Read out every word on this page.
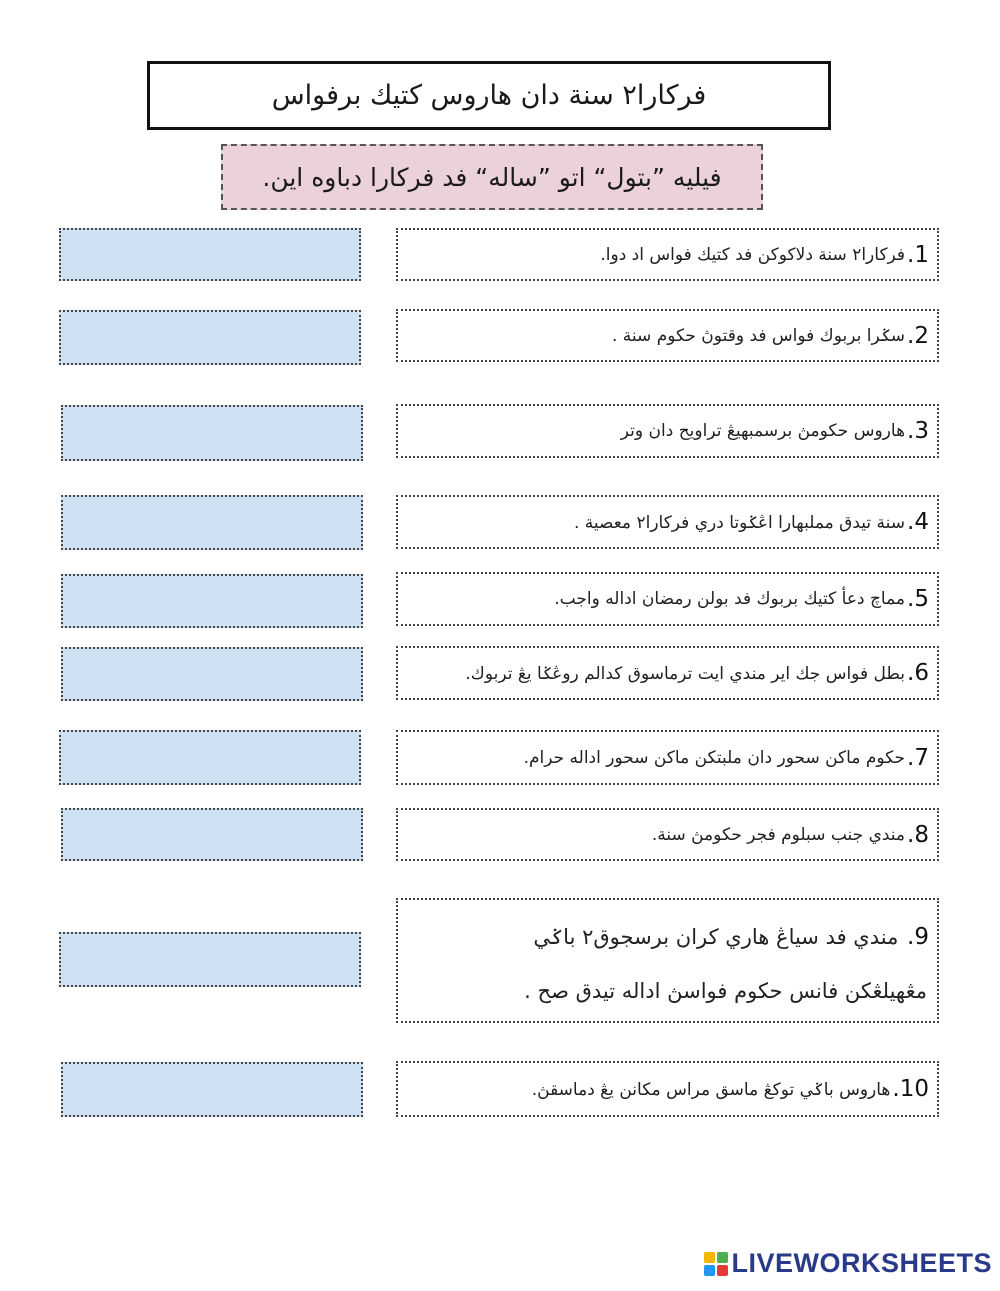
فركارا٢ سنة دان هاروس كتيك برفواس
فيليه ”بتول“ اتو ”ساله“ فد فركارا دباوه اين.
1.
فركارا٢ سنة دلاكوكن فد كتيك فواس اد دوا.
2.
سݢرا بربوك فواس فد وقتوڽ حكوم سنة .
3.
هاروس حكومڽ برسمبهيڠ تراويح دان وتر
4.
سنة تيدق مملبهارا اڠݢوتا دري فركارا٢ معصية .
5.
مماچ دعأ كتيك بربوك فد بولن رمضان اداله واجب.
6.
بطل فواس جك اير مندي ايت ترماسوق كدالم روڠݢا يڠ تربوك.
7.
حكوم ماكن سحور دان ملبتكن ماكن سحور اداله حرام.
8.
مندي جنب سبلوم فجر حكومڽ سنة.
9. مندي فد سياڠ هاري كران برسجوق٢ باݢي
مڠهيلڠكن فانس حكوم فواسڽ اداله تيدق صح .
10.
هاروس باݢي توكڠ ماسق مراس مكانن يڠ دماسقڽ.
LIVEWORKSHEETS
